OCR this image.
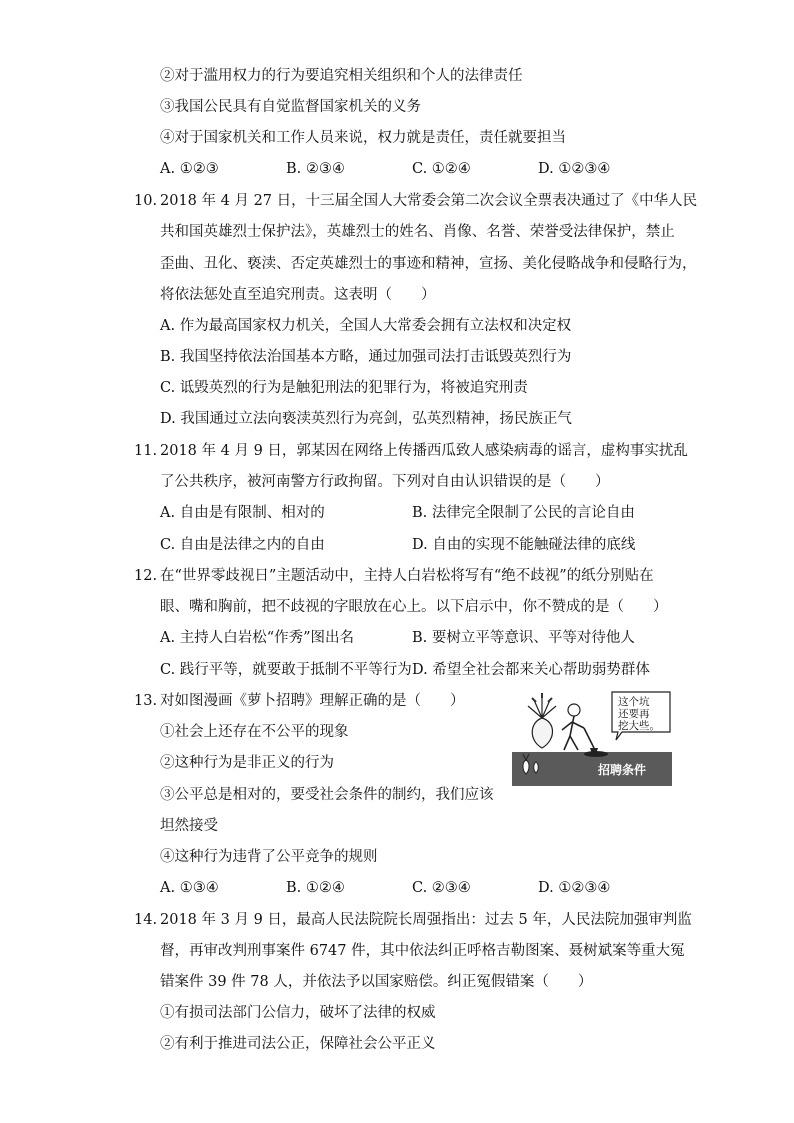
②对于滥用权力的行为要追究相关组织和个人的法律责任
③我国公民具有自觉监督国家机关的义务
④对于国家机关和工作人员来说，权力就是责任，责任就要担当
A. ①②③	B. ②③④	C. ①②④	D. ①②③④
10. 2018 年 4 月 27 日，十三届全国人大常委会第二次会议全票表决通过了《中华人民
共和国英雄烈士保护法》，英雄烈士的姓名、肖像、名誉、荣誉受法律保护，禁止
歪曲、丑化、亵渎、否定英雄烈士的事迹和精神，宣扬、美化侵略战争和侵略行为，
将依法惩处直至追究刑责。这表明（　　）
A. 作为最高国家权力机关，全国人大常委会拥有立法权和决定权
B. 我国坚持依法治国基本方略，通过加强司法打击诋毁英烈行为
C. 诋毁英烈的行为是触犯刑法的犯罪行为，将被追究刑责
D. 我国通过立法向亵渎英烈行为亮剑，弘英烈精神，扬民族正气
11. 2018 年 4 月 9 日，郭某因在网络上传播西瓜致人感染病毒的谣言，虚构事实扰乱
了公共秩序，被河南警方行政拘留。下列对自由认识错误的是（　　）
A. 自由是有限制、相对的	B. 法律完全限制了公民的言论自由
C. 自由是法律之内的自由	D. 自由的实现不能触碰法律的底线
12. 在“世界零歧视日”主题活动中，主持人白岩松将写有“绝不歧视”的纸分别贴在
眼、嘴和胸前，把不歧视的字眼放在心上。以下启示中，你不赞成的是（　　）
A. 主持人白岩松“作秀”图出名	B. 要树立平等意识、平等对待他人
C. 践行平等，就要敢于抵制不平等行为 D. 希望全社会都来关心帮助弱势群体
13. 对如图漫画《萝卜招聘》理解正确的是（　　）
①社会上还存在不公平的现象
②这种行为是非正义的行为
③公平总是相对的，要受社会条件的制约，我们应该
坦然接受
④这种行为违背了公平竞争的规则
A. ①③④	B. ①②④	C. ②③④	D. ①②③④
这个坑
还要再
挖大些。
招聘条件
14. 2018 年 3 月 9 日，最高人民法院院长周强指出：过去 5 年，人民法院加强审判监
督，再审改判刑事案件 6747 件，其中依法纠正呼格吉勒图案、聂树斌案等重大冤
错案件 39 件 78 人，并依法予以国家赔偿。纠正冤假错案（　　）
①有损司法部门公信力，破坏了法律的权威
②有利于推进司法公正，保障社会公平正义
